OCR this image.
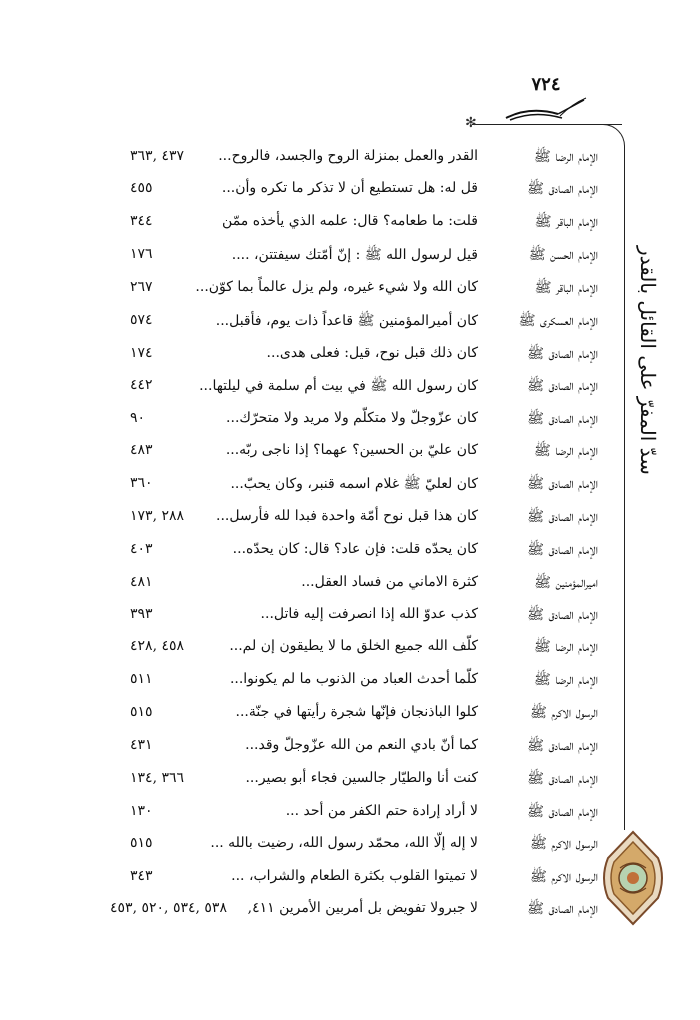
٧٢٤
✻
سدّ المفرّ على القائل بالقدر
الإمام الرضا ﷺ
القدر والعمل بمنزلة الروح والجسد، فالروح...
٤٣٧ ,٣٦٣
الإمام الصادق ﷺ
قل له: هل تستطيع أن لا تذكر ما تكره وأن...
٤٥٥
الإمام الباقر ﷺ
قلت: ما طعامه؟ قال: علمه الذي يأخذه ممّن
٣٤٤
الإمام الحسن ﷺ
قيل لرسول الله ﷺ : إنّ أمّتك سيفتتن، ....
١٧٦
الإمام الباقر ﷺ
كان الله ولا شيء غيره، ولم يزل عالماً بما كوّن...
٢٦٧
الإمام العسكرى ﷺ
كان أميرالمؤمنين ﷺ قاعداً ذات يوم، فأقبل...
٥٧٤
الإمام الصادق ﷺ
كان ذلك قبل نوح، قيل: فعلى هدى...
١٧٤
الإمام الصادق ﷺ
كان رسول الله ﷺ في بيت أم سلمة في ليلتها...
٤٤٢
الإمام الصادق ﷺ
كان عزّوجلّ ولا متكلّم ولا مريد ولا متحرّك...
٩٠
الإمام الرضا ﷺ
كان عليّ بن الحسين؟ عهما؟ إذا ناجى ربّه...
٤٨٣
الإمام الصادق ﷺ
كان لعليّ ﷺ غلام اسمه قنبر، وكان يحبّ...
٣٦٠
الإمام الصادق ﷺ
كان هذا قبل نوح أمّة واحدة فبدا لله فأرسل...
٢٨٨ ,١٧٣
الإمام الصادق ﷺ
كان يحدّه قلت: فإن عاد؟ قال: كان يحدّه...
٤٠٣
اميرالمؤمنين ﷺ
كثرة الاماني من فساد العقل...
٤٨١
الإمام الصادق ﷺ
كذب عدوّ الله إذا انصرفت إليه فاتل...
٣٩٣
الإمام الرضا ﷺ
كلّف الله جميع الخلق ما لا يطيقون إن لم...
٤٥٨ ,٤٢٨
الإمام الرضا ﷺ
كلّما أحدث العباد من الذنوب ما لم يكونوا...
٥١١
الرسول الاكرم ﷺ
كلوا الباذنجان فإنّها شجرة رأيتها في جنّة...
٥١٥
الإمام الصادق ﷺ
كما أنّ بادي النعم من الله عزّوجلّ وقد...
٤٣١
الإمام الصادق ﷺ
كنت أنا والطيّار جالسين فجاء أبو بصير...
٣٦٦ ,١٣٤
الإمام الصادق ﷺ
لا أراد إرادة حتم الكفر من أحد ...
١٣٠
الرسول الاكرم ﷺ
لا إله إلّا الله، محمّد رسول الله، رضيت بالله ...
٥١٥
الرسول الاكرم ﷺ
لا تميتوا القلوب بكثرة الطعام والشراب، ...
٣٤٣
الإمام الصادق ﷺ
لا جبرولا تفويض بل أمربين الأمرين ٤١١,
٥٣٨ ,٥٣٤ ,٥٢٠ ,٤٥٣
